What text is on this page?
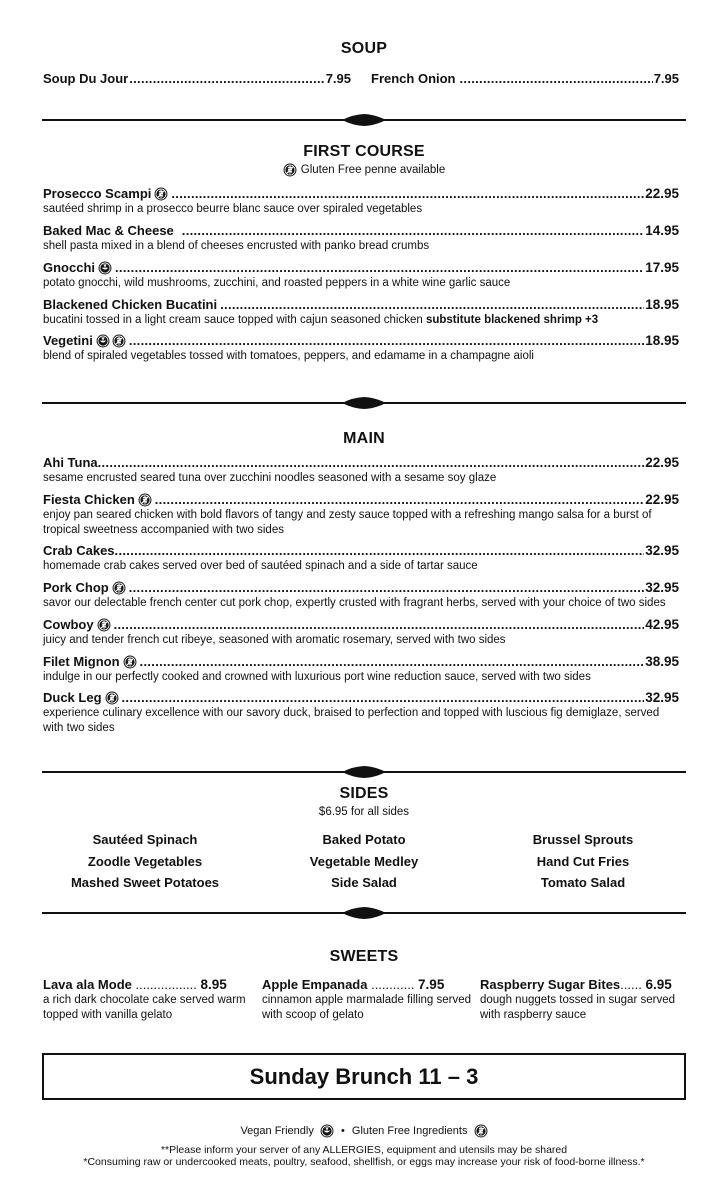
SOUP
Soup Du Jour .....	7.95 French Onion .....	7.95
FIRST COURSE
Gluten Free penne available
Prosecco Scampi .....	22.95
sautéed shrimp in a prosecco beurre blanc sauce over spiraled vegetables
Baked Mac & Cheese .....	14.95
shell pasta mixed in a blend of cheeses encrusted with panko bread crumbs
Gnocchi .....	17.95
potato gnocchi, wild mushrooms, zucchini, and roasted peppers in a white wine garlic sauce
Blackened Chicken Bucatini .....	18.95
bucatini tossed in a light cream sauce topped with cajun seasoned chicken substitute blackened shrimp +3
Vegetini .....	18.95
blend of spiraled vegetables tossed with tomatoes, peppers, and edamame in a champagne aioli
MAIN
Ahi Tuna .....	22.95
sesame encrusted seared tuna over zucchini noodles seasoned with a sesame soy glaze
Fiesta Chicken .....	22.95
enjoy pan seared chicken with bold flavors of tangy and zesty sauce topped with a refreshing mango salsa for a burst of tropical sweetness accompanied with two sides
Crab Cakes .....	32.95
homemade crab cakes served over bed of sautéed spinach and a side of tartar sauce
Pork Chop .....	32.95
savor our delectable french center cut pork chop, expertly crusted with fragrant herbs, served with your choice of two sides
Cowboy .....	42.95
juicy and tender french cut ribeye, seasoned with aromatic rosemary, served with two sides
Filet Mignon .....	38.95
indulge in our perfectly cooked and crowned with luxurious port wine reduction sauce, served with two sides
Duck Leg .....	32.95
experience culinary excellence with our savory duck, braised to perfection and topped with luscious fig demiglaze, served with two sides
SIDES
$6.95 for all sides
Sautéed Spinach
Zoodle Vegetables
Mashed Sweet Potatoes
Baked Potato
Vegetable Medley
Side Salad
Brussel Sprouts
Hand Cut Fries
Tomato Salad
SWEETS
Lava ala Mode ................. 8.95
a rich dark chocolate cake served warm topped with vanilla gelato
Apple Empanada ............ 7.95
cinnamon apple marmalade filling served with scoop of gelato
Raspberry Sugar Bites...... 6.95
dough nuggets tossed in sugar served with raspberry sauce
Sunday Brunch 11 – 3
Vegan Friendly • Gluten Free Ingredients
**Please inform your server of any ALLERGIES, equipment and utensils may be shared
*Consuming raw or undercooked meats, poultry, seafood, shellfish, or eggs may increase your risk of food-borne illness.*
